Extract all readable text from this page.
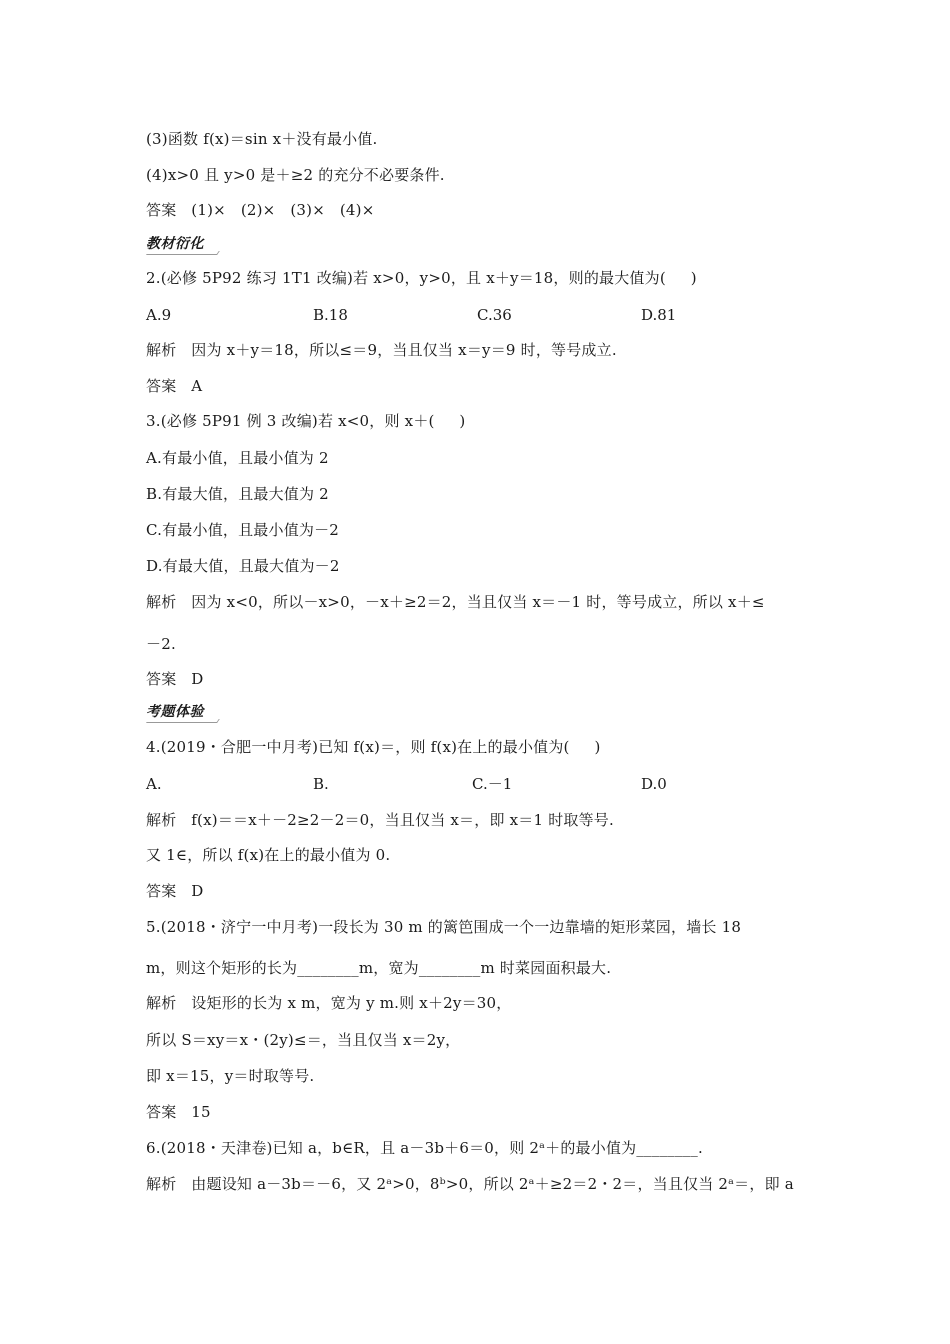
(3)函数 f(x)＝sin x＋没有最小值.
(4)x>0 且 y>0 是＋≥2 的充分不必要条件.
答案   (1)×   (2)×   (3)×   (4)×
教材衍化
2.(必修 5P92 练习 1T1 改编)若 x>0，y>0，且 x＋y＝18，则的最大值为(     )
A.9	B.18	C.36	D.81
解析   因为 x＋y＝18，所以≤＝9，当且仅当 x＝y＝9 时，等号成立.
答案   A
3.(必修 5P91 例 3 改编)若 x<0，则 x＋(     )
A.有最小值，且最小值为 2
B.有最大值，且最大值为 2
C.有最小值，且最小值为－2
D.有最大值，且最大值为－2
解析   因为 x<0，所以－x>0，－x＋≥2＝2，当且仅当 x＝－1 时，等号成立，所以 x＋≤
－2.
答案   D
考题体验
4.(2019・合肥一中月考)已知 f(x)＝，则 f(x)在上的最小值为(     )
A.	B.	C.－1	D.0
解析   f(x)＝＝x＋－2≥2－2＝0，当且仅当 x＝，即 x＝1 时取等号.
又 1∈，所以 f(x)在上的最小值为 0.
答案   D
5.(2018・济宁一中月考)一段长为 30 m 的篱笆围成一个一边靠墙的矩形菜园，墙长 18
m，则这个矩形的长为________m，宽为________m 时菜园面积最大.
解析   设矩形的长为 x m，宽为 y m.则 x＋2y＝30，
所以 S＝xy＝x・(2y)≤＝，当且仅当 x＝2y，
即 x＝15，y＝时取等号.
答案   15
6.(2018・天津卷)已知 a，b∈R，且 a－3b＋6＝0，则 2ᵃ＋的最小值为________.
解析   由题设知 a－3b＝－6，又 2ᵃ>0，8ᵇ>0，所以 2ᵃ＋≥2＝2・2＝，当且仅当 2ᵃ＝，即 a
